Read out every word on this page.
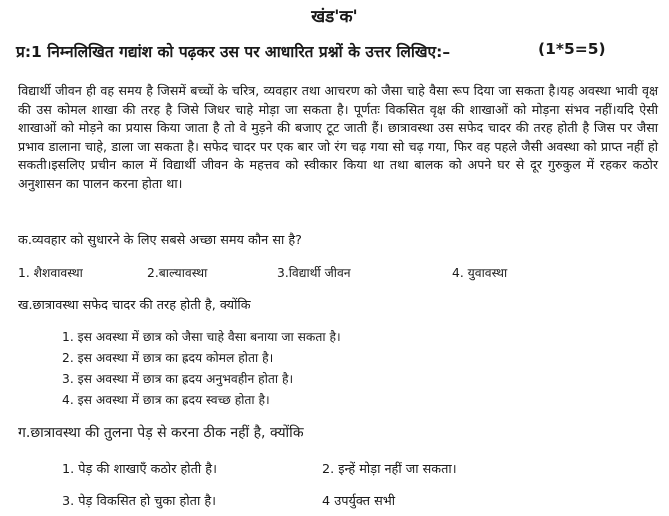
खंड'क'
प्र:1 निम्नलिखित गद्यांश को पढ़कर उस पर आधारित प्रश्नों के उत्तर लिखिए:–	(1*5=5)
विद्यार्थी जीवन ही वह समय है जिसमें बच्चों के चरित्र, व्यवहार तथा आचरण को जैसा चाहे वैसा रूप दिया जा सकता है।यह अवस्था भावी वृक्ष की उस कोमल शाखा की तरह है जिसे जिधर चाहे मोड़ा जा सकता है। पूर्णतः विकसित वृक्ष की शाखाओं को मोड़ना संभव नहीं।यदि ऐसी शाखाओं को मोड़ने का प्रयास किया जाता है तो वे मुड़ने की बजाए टूट जाती हैं। छात्रावस्था उस सफेद चादर की तरह होती है जिस पर जैसा प्रभाव डालाना चाहे, डाला जा सकता है। सफेद चादर पर एक बार जो रंग चढ़ गया सो चढ़ गया, फिर वह पहले जैसी अवस्था को प्राप्त नहीं हो सकती।इसलिए प्रचीन काल में विद्यार्थी जीवन के महत्तव को स्वीकार किया था तथा बालक को अपने घर से दूर गुरुकुल में रहकर कठोर अनुशासन का पालन करना होता था।
क.व्यवहार को सुधारने के लिए सबसे अच्छा समय कौन सा है?
1. शैशवावस्था	2.बाल्यावस्था	3.विद्यार्थी जीवन	4. युवावस्था
ख.छात्रावस्था सफेद चादर की तरह होती है, क्योंकि
1. इस अवस्था में छात्र को जैसा चाहे वैसा बनाया जा सकता है।
2. इस अवस्था में छात्र का ह्रदय कोमल होता है।
3. इस अवस्था में छात्र का ह्रदय अनुभवहीन होता है।
4. इस अवस्था में छात्र का ह्रदय स्वच्छ होता है।
ग.छात्रावस्था की तुलना पेड़ से करना ठीक नहीं है, क्योंकि
1. पेड़ की शाखाएँ कठोर होती है।	2. इन्हें मोड़ा नहीं जा सकता।
3. पेड़ विकसित हो चुका होता है।	4 उपर्युक्त सभी
